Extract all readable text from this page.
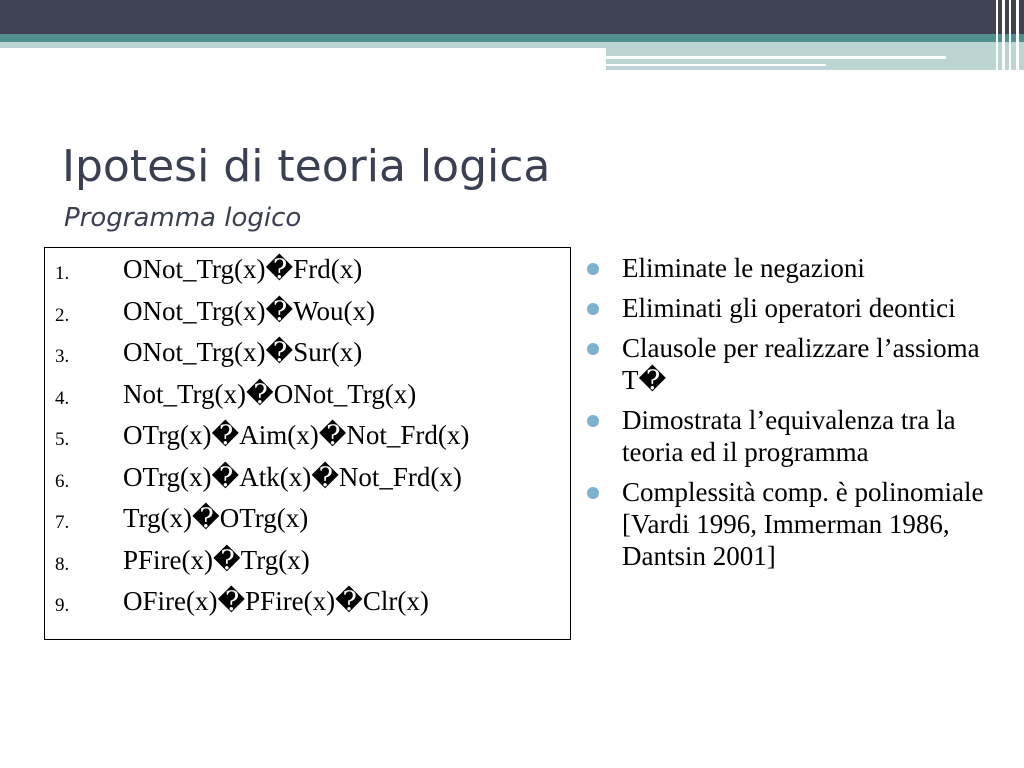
Ipotesi di teoria logica
Programma logico
1. ONot_Trg(x)�Frd(x)
2. ONot_Trg(x)�Wou(x)
3. ONot_Trg(x)�Sur(x)
4. Not_Trg(x)�ONot_Trg(x)
5. OTrg(x)�Aim(x)�Not_Frd(x)
6. OTrg(x)�Atk(x)�Not_Frd(x)
7. Trg(x)�OTrg(x)
8. PFire(x)�Trg(x)
9. OFire(x)�PFire(x)�Clr(x)
Eliminate le negazioni
Eliminati gli operatori deontici
Clausole per realizzare l’assioma T�
Dimostrata l’equivalenza tra la teoria ed il programma
Complessità comp. è polinomiale [Vardi 1996, Immerman 1986, Dantsin 2001]
